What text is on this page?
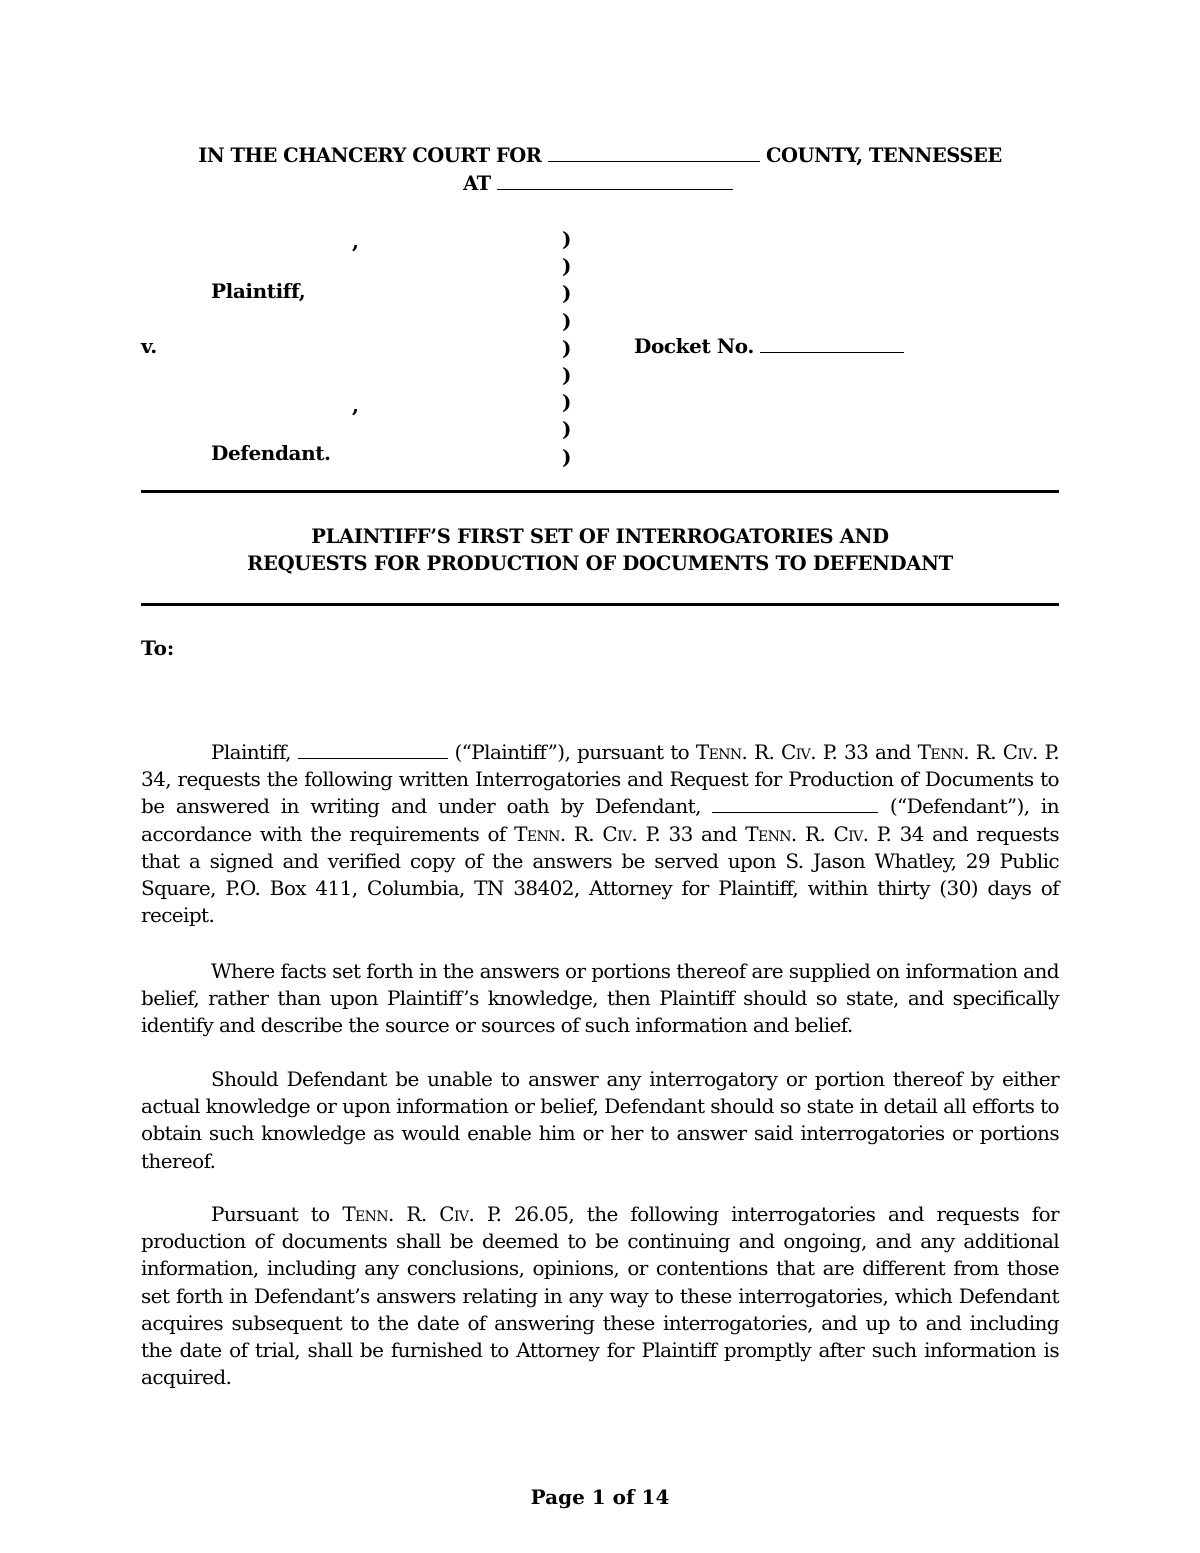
IN THE CHANCERY COURT FOR	COUNTY, TENNESSEE
AT
,
Plaintiff,
v.
,
Defendant.
)
)
)
)
)
)
)
)
)
Docket No.
PLAINTIFF’S FIRST SET OF INTERROGATORIES AND
REQUESTS FOR PRODUCTION OF DOCUMENTS TO DEFENDANT
To:
Plaintiff,	(“Plaintiff”), pursuant to Tenn. R. Civ. P. 33 and Tenn. R. Civ. P. 34, requests the following written Interrogatories and Request for Production of Documents to be answered in writing and under oath by Defendant,	(“Defendant”), in accordance with the requirements of Tenn. R. Civ. P. 33 and Tenn. R. Civ. P. 34 and requests that a signed and verified copy of the answers be served upon S. Jason Whatley, 29 Public Square, P.O. Box 411, Columbia, TN 38402, Attorney for Plaintiff, within thirty (30) days of receipt.
Where facts set forth in the answers or portions thereof are supplied on information and belief, rather than upon Plaintiff’s knowledge, then Plaintiff should so state, and specifically identify and describe the source or sources of such information and belief.
Should Defendant be unable to answer any interrogatory or portion thereof by either actual knowledge or upon information or belief, Defendant should so state in detail all efforts to obtain such knowledge as would enable him or her to answer said interrogatories or portions thereof.
Pursuant to Tenn. R. Civ. P. 26.05, the following interrogatories and requests for production of documents shall be deemed to be continuing and ongoing, and any additional information, including any conclusions, opinions, or contentions that are different from those set forth in Defendant’s answers relating in any way to these interrogatories, which Defendant acquires subsequent to the date of answering these interrogatories, and up to and including the date of trial, shall be furnished to Attorney for Plaintiff promptly after such information is acquired.
Page 1 of 14
